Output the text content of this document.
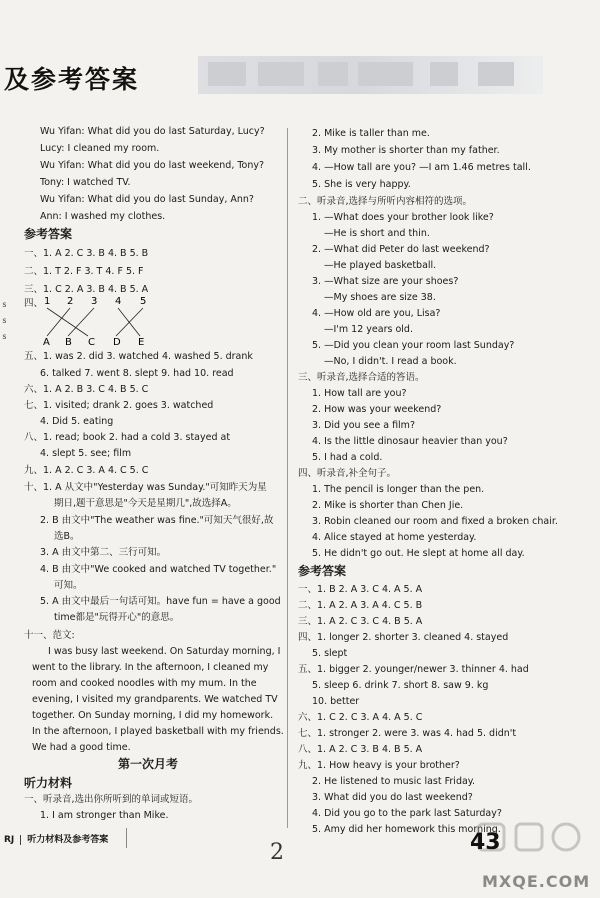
及参考答案
s
s
s
Wu Yifan: What did you do last Saturday, Lucy?
Lucy: I cleaned my room.
Wu Yifan: What did you do last weekend, Tony?
Tony: I watched TV.
Wu Yifan: What did you do last Sunday, Ann?
Ann: I washed my clothes.
参考答案
一、1. A 2. C 3. B 4. B 5. B
二、1. T 2. F 3. T 4. F 5. F
三、1. C 2. A 3. B 4. B 5. A
四、 1 2 3 4 5
A B C D E
五、1. was 2. did 3. watched 4. washed 5. drank
6. talked 7. went 8. slept 9. had 10. read
六、1. A 2. B 3. C 4. B 5. C
七、1. visited; drank 2. goes 3. watched
4. Did 5. eating
八、1. read; book 2. had a cold 3. stayed at
4. slept 5. see; film
九、1. A 2. C 3. A 4. C 5. C
十、1. A 从文中"Yesterday was Sunday."可知昨天为星
期日,题干意思是"今天是星期几",故选择A。
2. B 由文中"The weather was fine."可知天气很好,故
选B。
3. A 由文中第二、三行可知。
4. B 由文中"We cooked and watched TV together."
可知。
5. A 由文中最后一句话可知。have fun = have a good
time都是"玩得开心"的意思。
十一、范文:
I was busy last weekend. On Saturday morning, I
went to the library. In the afternoon, I cleaned my
room and cooked noodles with my mum. In the
evening, I visited my grandparents. We watched TV
together. On Sunday morning, I did my homework.
In the afternoon, I played basketball with my friends.
We had a good time.
第一次月考
听力材料
一、听录音,选出你所听到的单词或短语。
1. I am stronger than Mike.
2. Mike is taller than me.
3. My mother is shorter than my father.
4. —How tall are you? —I am 1.46 metres tall.
5. She is very happy.
二、听录音,选择与所听内容相符的选项。
1. —What does your brother look like?
—He is short and thin.
2. —What did Peter do last weekend?
—He played basketball.
3. —What size are your shoes?
—My shoes are size 38.
4. —How old are you, Lisa?
—I'm 12 years old.
5. —Did you clean your room last Sunday?
—No, I didn't. I read a book.
三、听录音,选择合适的答语。
1. How tall are you?
2. How was your weekend?
3. Did you see a film?
4. Is the little dinosaur heavier than you?
5. I had a cold.
四、听录音,补全句子。
1. The pencil is longer than the pen.
2. Mike is shorter than Chen Jie.
3. Robin cleaned our room and fixed a broken chair.
4. Alice stayed at home yesterday.
5. He didn't go out. He slept at home all day.
参考答案
一、1. B 2. A 3. C 4. A 5. A
二、1. A 2. A 3. A 4. C 5. B
三、1. A 2. C 3. C 4. B 5. A
四、1. longer 2. shorter 3. cleaned 4. stayed
5. slept
五、1. bigger 2. younger/newer 3. thinner 4. had
5. sleep 6. drink 7. short 8. saw 9. kg
10. better
六、1. C 2. C 3. A 4. A 5. C
七、1. stronger 2. were 3. was 4. had 5. didn't
八、1. A 2. C 3. B 4. B 5. A
九、1. How heavy is your brother?
2. He listened to music last Friday.
3. What did you do last weekend?
4. Did you go to the park last Saturday?
5. Amy did her homework this morning.
RJ 听力材料及参考答案	2	43
MXQE.COM
